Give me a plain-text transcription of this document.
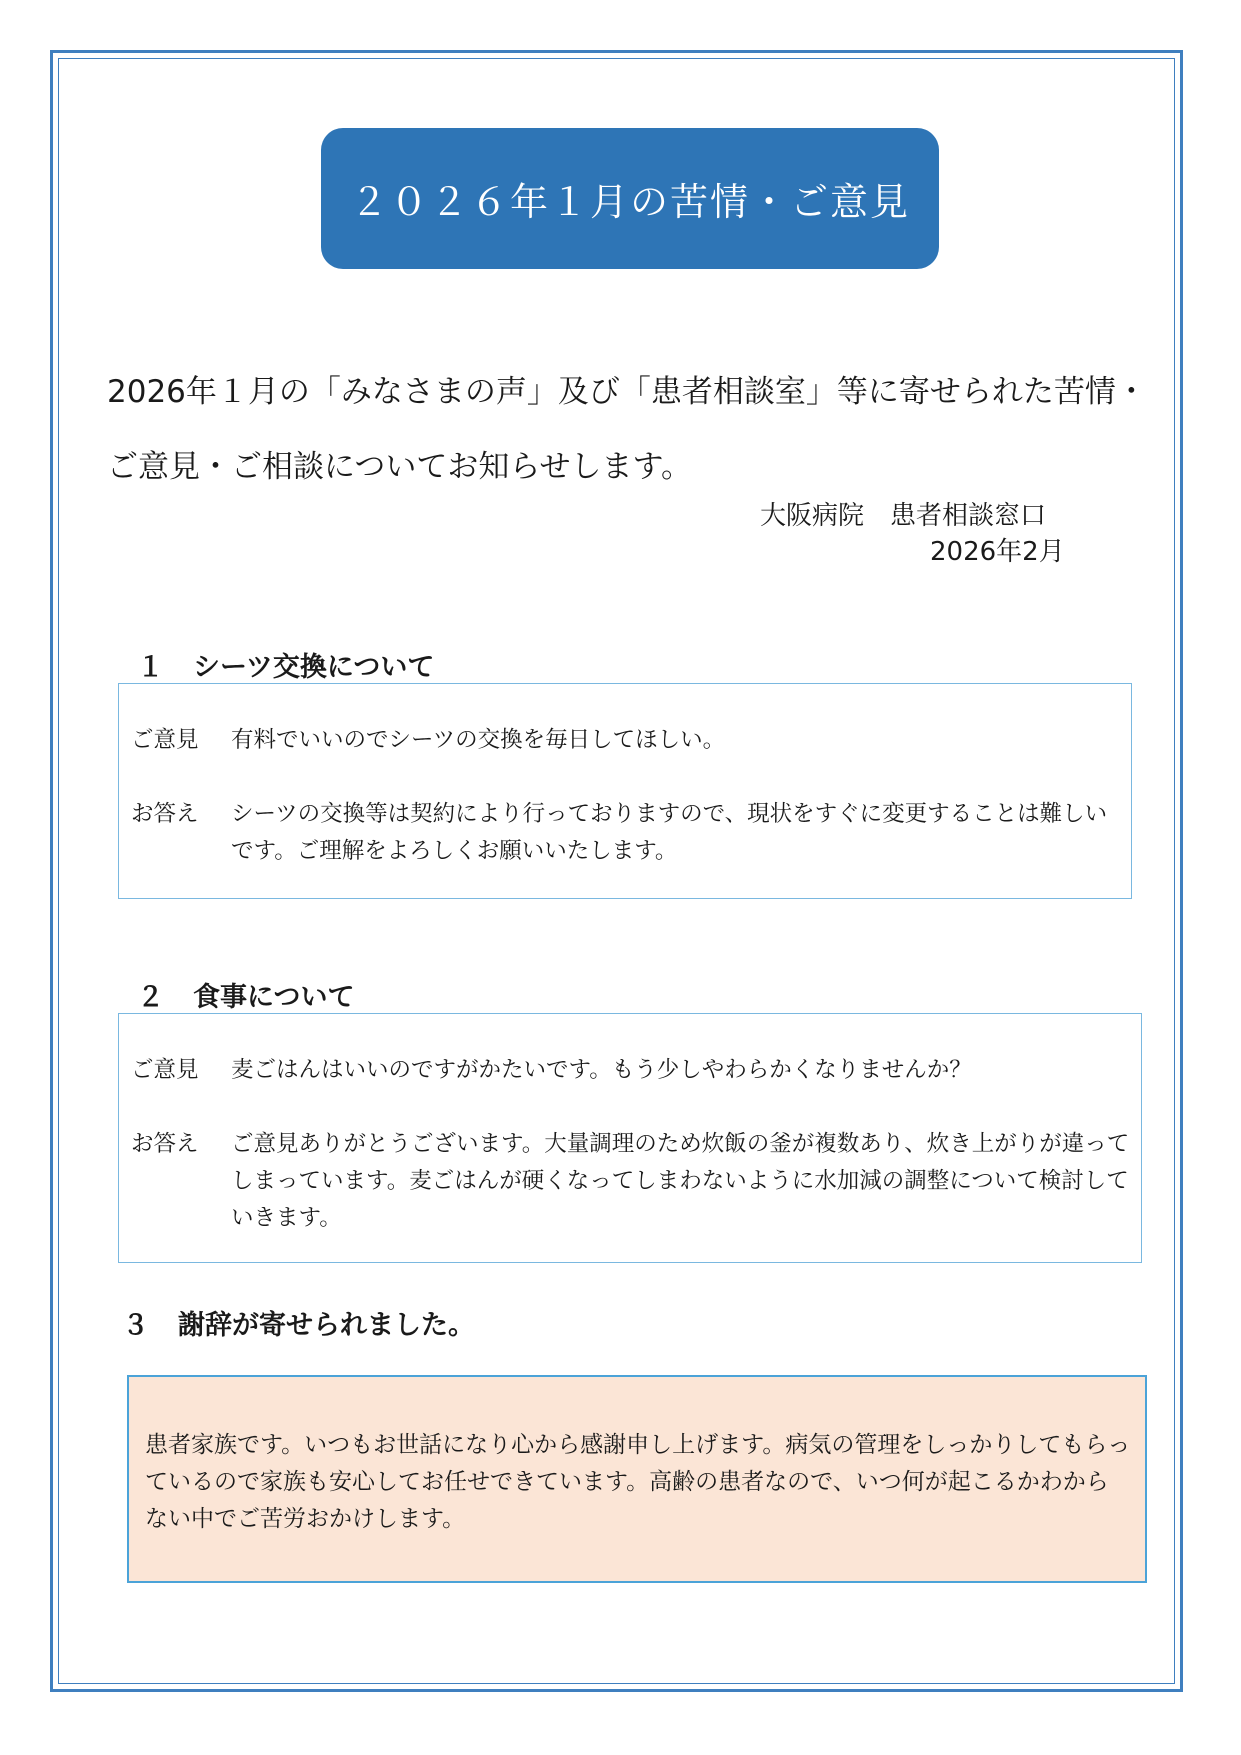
２０２６年１月の苦情・ご意見

2026年１月の「みなさまの声」及び「患者相談室」等に寄せられた苦情・ご意見・ご相談についてお知らせします。

大阪病院　患者相談窓口
2026年2月
１ シーツ交換について
ご意見	有料でいいのでシーツの交換を毎日してほしい。
お答え	シーツの交換等は契約により行っておりますので、現状をすぐに変更することは難しいです。ご理解をよろしくお願いいたします。
２ 食事について
ご意見	麦ごはんはいいのですがかたいです。もう少しやわらかくなりませんか？
お答え	ご意見ありがとうございます。大量調理のため炊飯の釜が複数あり、炊き上がりが違ってしまっています。麦ごはんが硬くなってしまわないように水加減の調整について検討していきます。
３ 謝辞が寄せられました。
患者家族です。いつもお世話になり心から感謝申し上げます。病気の管理をしっかりしてもらっているので家族も安心してお任せできています。高齢の患者なので、いつ何が起こるかわからない中でご苦労おかけします。
